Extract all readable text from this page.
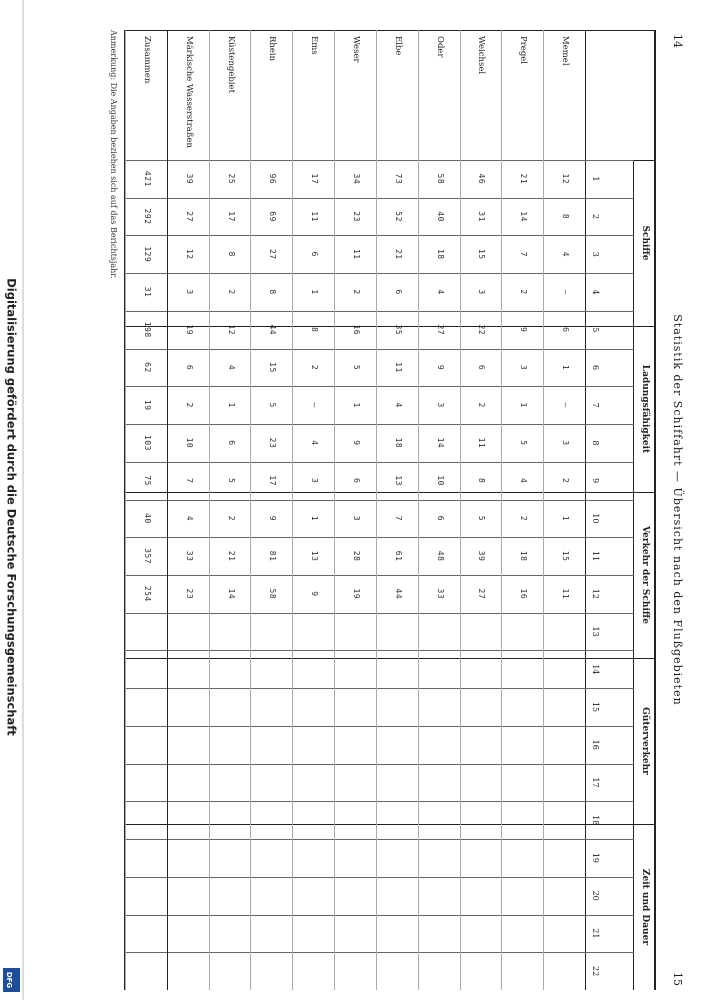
14
Statistik der Schiffahrt — Übersicht nach den Flußgebieten
15
Schiffe
Ladungsfähigkeit
Verkehr der Schiffe
Güterverkehr
Zeit und Dauer
1
2
3
4
5
6
7
8
9
10
11
12
13
14
15
16
17
18
19
20
21
22
Memel
12
8
4
—
6
1
—
3
2
1
15
11
Pregel
21
14
7
2
9
3
1
5
4
2
18
16
Weichsel
46
31
15
3
22
6
2
11
8
5
39
27
Oder
58
40
18
4
27
9
3
14
10
6
48
33
Elbe
73
52
21
6
35
11
4
18
13
7
61
44
Weser
34
23
11
2
16
5
1
9
6
3
28
19
Ems
17
11
6
1
8
2
—
4
3
1
13
9
Rhein
96
69
27
8
44
15
5
23
17
9
81
58
Küstengebiet
25
17
8
2
12
4
1
6
5
2
21
14
Märkische Wasserstraßen
39
27
12
3
19
6
2
10
7
4
33
23
Zusammen
421
292
129
31
198
62
19
103
75
40
357
254
Anmerkung: Die Angaben beziehen sich auf das Berichtsjahr.
Digitalisierung gefördert durch die Deutsche Forschungsgemeinschaft
DFG
